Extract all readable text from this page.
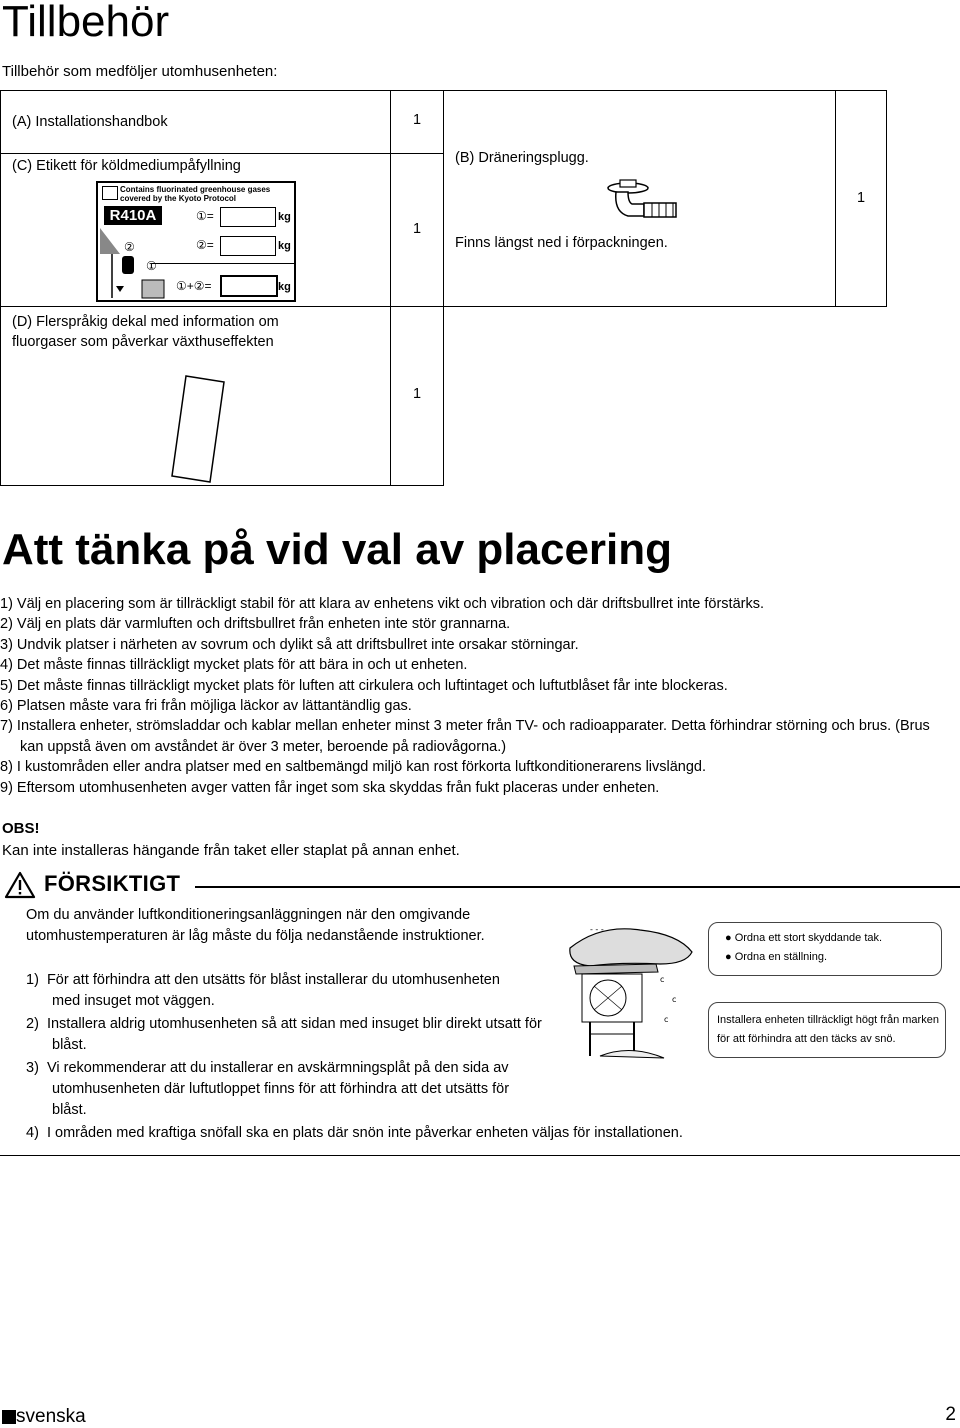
Tillbehör
Tillbehör som medföljer utomhusenheten:
(A) Installationshandbok	1
(C) Etikett för köldmediumpåfyllning
1
Contains fluorinated greenhouse gases covered by the Kyoto Protocol
R410A	①=	kg
②=	kg
①+②=	kg
②
①
(B) Dräneringsplugg.
Finns längst ned i förpackningen.
1
(D) Flerspråkig dekal med information om fluorgaser som påverkar växthuseffekten
1
Att tänka på vid val av placering
1) Välj en placering som är tillräckligt stabil för att klara av enhetens vikt och vibration och där driftsbullret inte förstärks.
2) Välj en plats där varmluften och driftsbullret från enheten inte stör grannarna.
3) Undvik platser i närheten av sovrum och dylikt så att driftsbullret inte orsakar störningar.
4) Det måste finnas tillräckligt mycket plats för att bära in och ut enheten.
5) Det måste finnas tillräckligt mycket plats för luften att cirkulera och luftintaget och luftutblåset får inte blockeras.
6) Platsen måste vara fri från möjliga läckor av lättantändlig gas.
7) Installera enheter, strömsladdar och kablar mellan enheter minst 3 meter från TV- och radioapparater. Detta förhindrar störning och brus. (Brus kan uppstå även om avståndet är över 3 meter, beroende på radiovågorna.)
8) I kustområden eller andra platser med en saltbemängd miljö kan rost förkorta luftkonditionerarens livslängd.
9) Eftersom utomhusenheten avger vatten får inget som ska skyddas från fukt placeras under enheten.
OBS!
Kan inte installeras hängande från taket eller staplat på annan enhet.
FÖRSIKTIGT
Om du använder luftkonditioneringsanläggningen när den omgivande utomhustemperaturen är låg måste du följa nedanstående instruktioner.
1)  För att förhindra att den utsätts för blåst installerar du utomhusenheten med insuget mot väggen.
2)  Installera aldrig utomhusenheten så att sidan med insuget blir direkt utsatt för blåst.
3)  Vi rekommenderar att du installerar en avskärmningsplåt på den sida av utomhusenheten där luftutloppet finns för att förhindra att det utsätts för blåst.
4)  I områden med kraftiga snöfall ska en plats där snön inte påverkar enheten väljas för installationen.
c
c
c
- - -
● Ordna ett stort skyddande tak.
● Ordna en ställning.
Installera enheten tillräckligt högt från marken för att förhindra att den täcks av snö.
svenska	2
